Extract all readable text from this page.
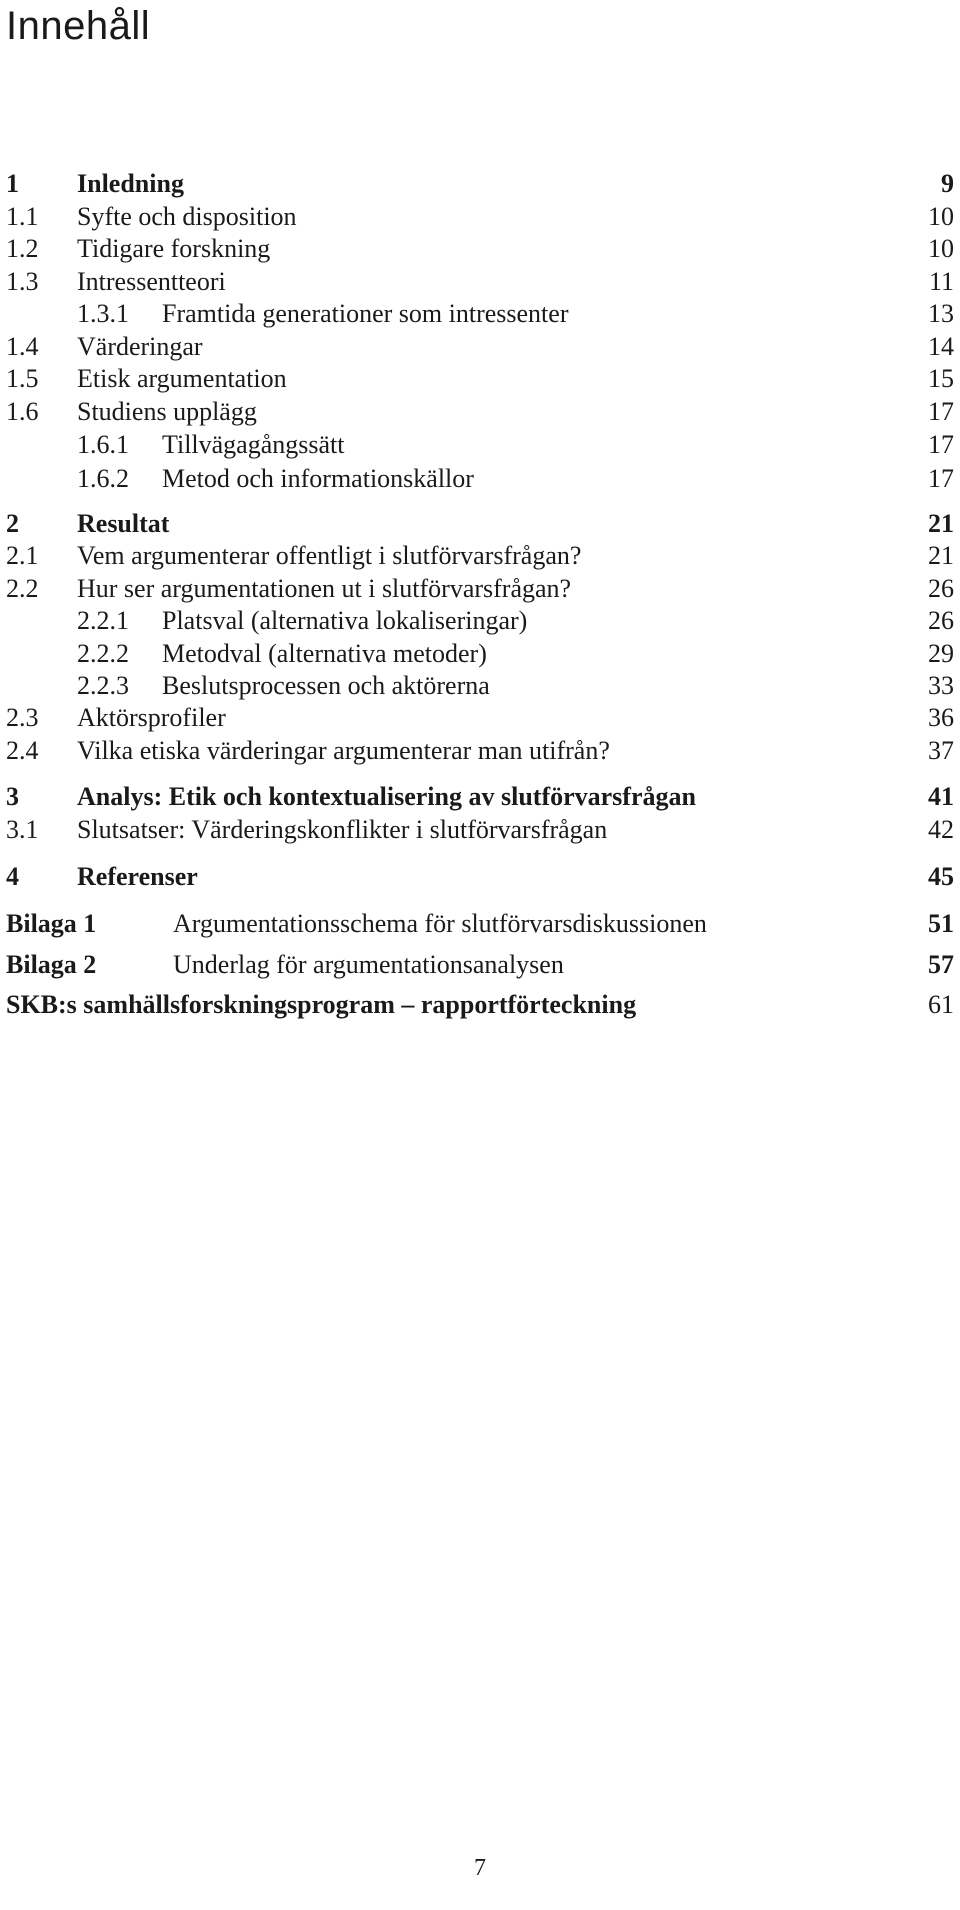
Innehåll
1 Inledning	9
1.1 Syfte och disposition	10
1.2 Tidigare forskning	10
1.3 Intressentteori	11
1.3.1 Framtida generationer som intressenter	13
1.4 Värderingar	14
1.5 Etisk argumentation	15
1.6 Studiens upplägg	17
1.6.1 Tillvägagångssätt	17
1.6.2 Metod och informationskällor	17
2 Resultat	21
2.1 Vem argumenterar offentligt i slutförvarsfrågan?	21
2.2 Hur ser argumentationen ut i slutförvarsfrågan?	26
2.2.1 Platsval (alternativa lokaliseringar)	26
2.2.2 Metodval (alternativa metoder)	29
2.2.3 Beslutsprocessen och aktörerna	33
2.3 Aktörsprofiler	36
2.4 Vilka etiska värderingar argumenterar man utifrån?	37
3 Analys: Etik och kontextualisering av slutförvarsfrågan	41
3.1 Slutsatser: Värderingskonflikter i slutförvarsfrågan	42
4 Referenser	45
Bilaga 1	Argumentationsschema för slutförvarsdiskussionen	51
Bilaga 2	Underlag för argumentationsanalysen	57
SKB:s samhällsforskningsprogram – rapportförteckning	61
7
